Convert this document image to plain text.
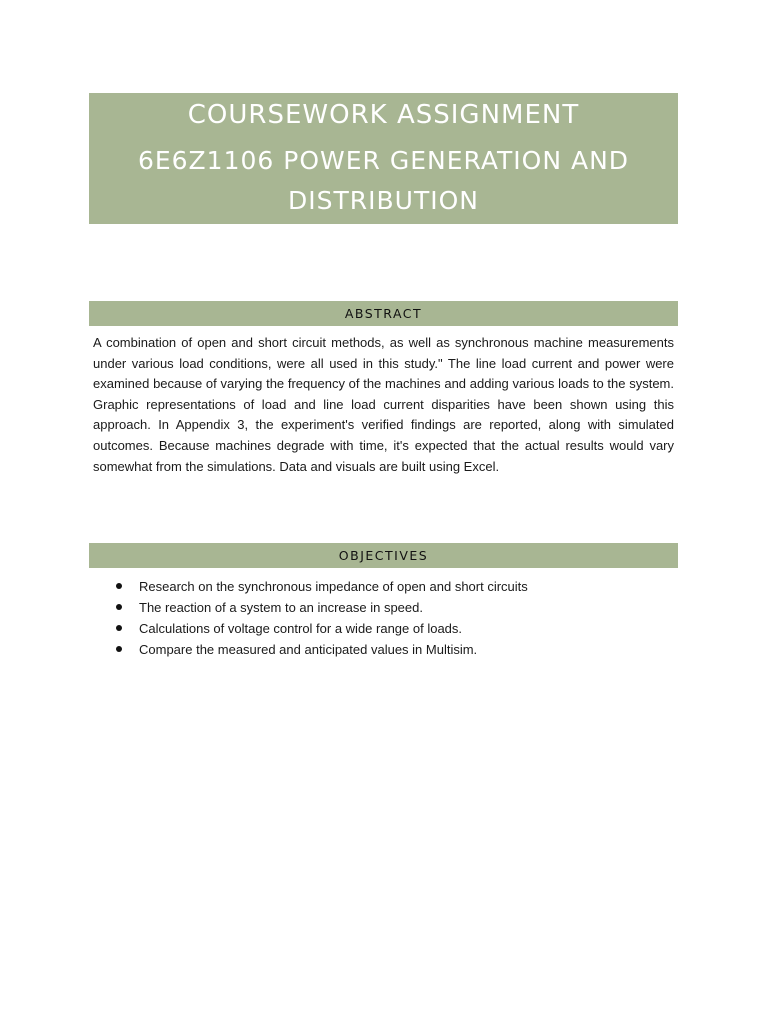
COURSEWORK ASSIGNMENT
6E6Z1106 POWER GENERATION AND DISTRIBUTION
ABSTRACT

A combination of open and short circuit methods, as well as synchronous machine measurements under various load conditions, were all used in this study." The line load current and power were examined because of varying the frequency of the machines and adding various loads to the system. Graphic representations of load and line load current disparities have been shown using this approach. In Appendix 3, the experiment's verified findings are reported, along with simulated outcomes. Because machines degrade with time, it's expected that the actual results would vary somewhat from the simulations. Data and visuals are built using Excel.

OBJECTIVES
Research on the synchronous impedance of open and short circuits
The reaction of a system to an increase in speed.
Calculations of voltage control for a wide range of loads.
Compare the measured and anticipated values in Multisim.
